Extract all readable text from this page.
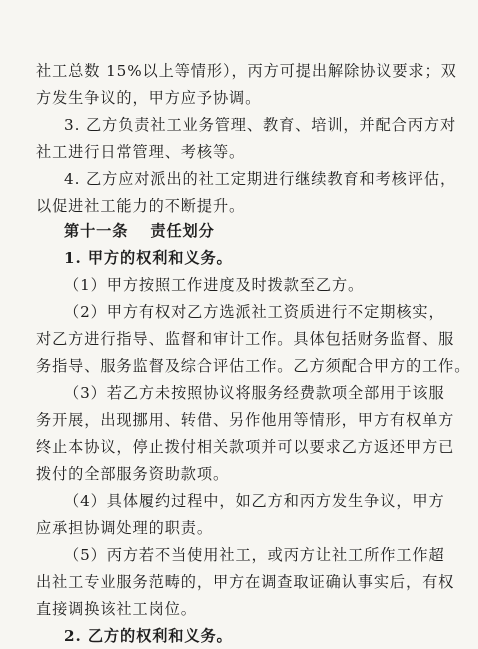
社工总数 15%以上等情形），丙方可提出解除协议要求；双
方发生争议的，甲方应予协调。
3. 乙方负责社工业务管理、教育、培训，并配合丙方对
社工进行日常管理、考核等。
4. 乙方应对派出的社工定期进行继续教育和考核评估，
以促进社工能力的不断提升。
第十一条 责任划分
1. 甲方的权利和义务。
（1）甲方按照工作进度及时拨款至乙方。
（2）甲方有权对乙方选派社工资质进行不定期核实，
对乙方进行指导、监督和审计工作。具体包括财务监督、服
务指导、服务监督及综合评估工作。乙方须配合甲方的工作。
（3）若乙方未按照协议将服务经费款项全部用于该服
务开展，出现挪用、转借、另作他用等情形，甲方有权单方
终止本协议，停止拨付相关款项并可以要求乙方返还甲方已
拨付的全部服务资助款项。
（4）具体履约过程中，如乙方和丙方发生争议，甲方
应承担协调处理的职责。
（5）丙方若不当使用社工，或丙方让社工所作工作超
出社工专业服务范畴的，甲方在调查取证确认事实后，有权
直接调换该社工岗位。
2. 乙方的权利和义务。
